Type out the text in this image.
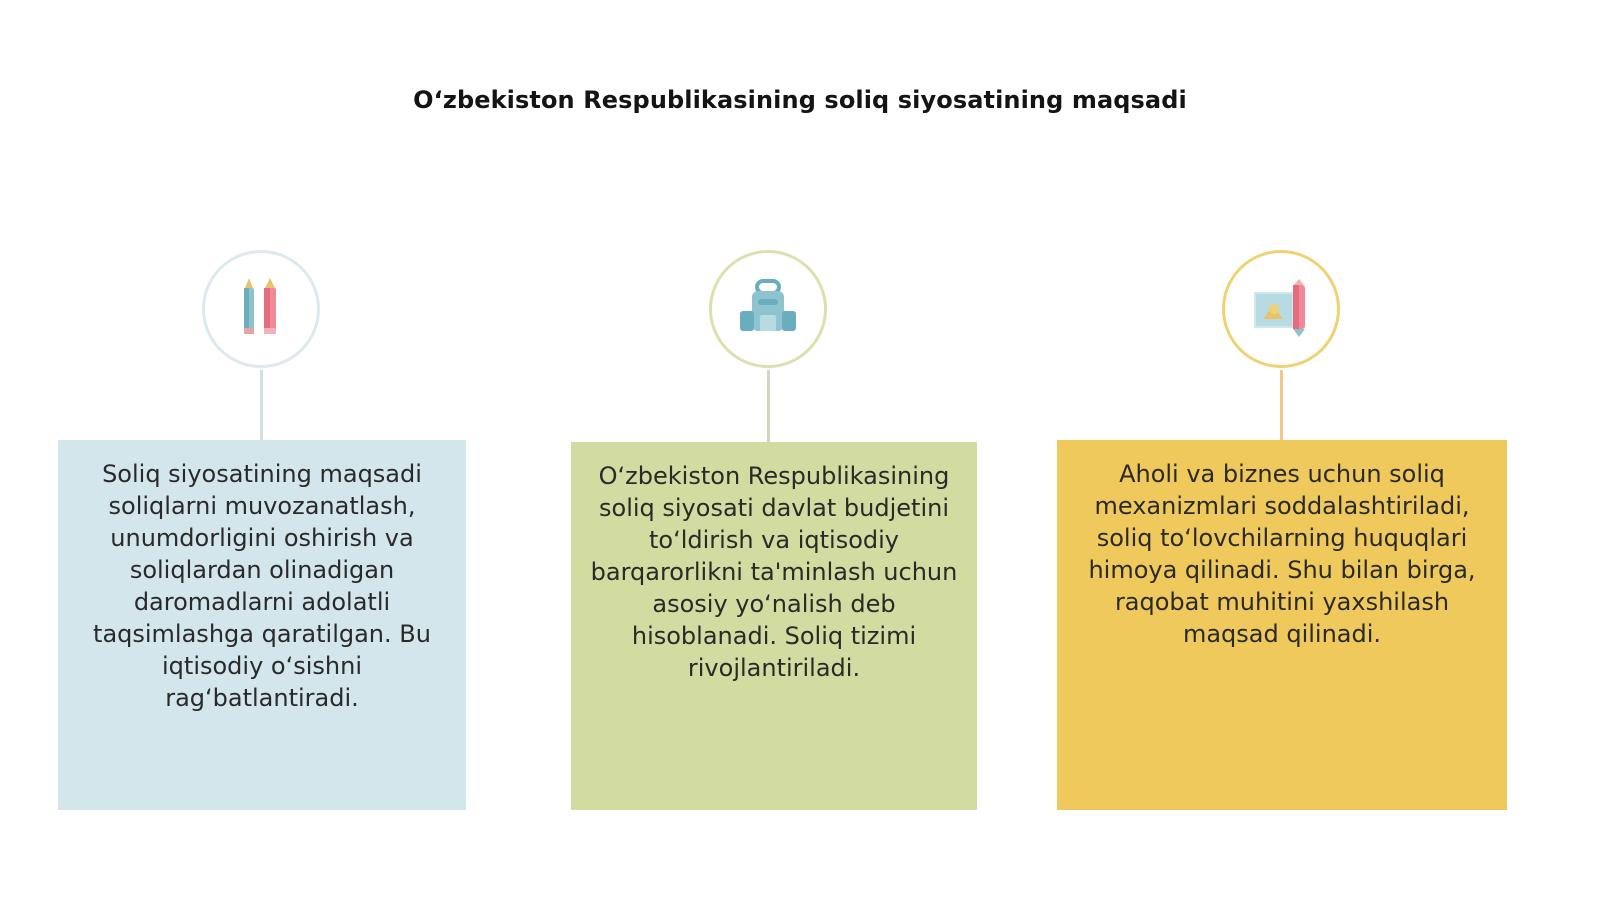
O‘zbekiston Respublikasining soliq siyosatining maqsadi

Soliq siyosatining maqsadi soliqlarni muvozanatlash, unumdorligini oshirish va soliqlardan olinadigan daromadlarni adolatli taqsimlashga qaratilgan. Bu iqtisodiy o‘sishni rag‘batlantiradi.

O‘zbekiston Respublikasining soliq siyosati davlat budjetini to‘ldirish va iqtisodiy barqarorlikni ta'minlash uchun asosiy yo‘nalish deb hisoblanadi. Soliq tizimi rivojlantiriladi.

Aholi va biznes uchun soliq mexanizmlari soddalashtiriladi, soliq to‘lovchilarning huquqlari himoya qilinadi. Shu bilan birga, raqobat muhitini yaxshilash maqsad qilinadi.
